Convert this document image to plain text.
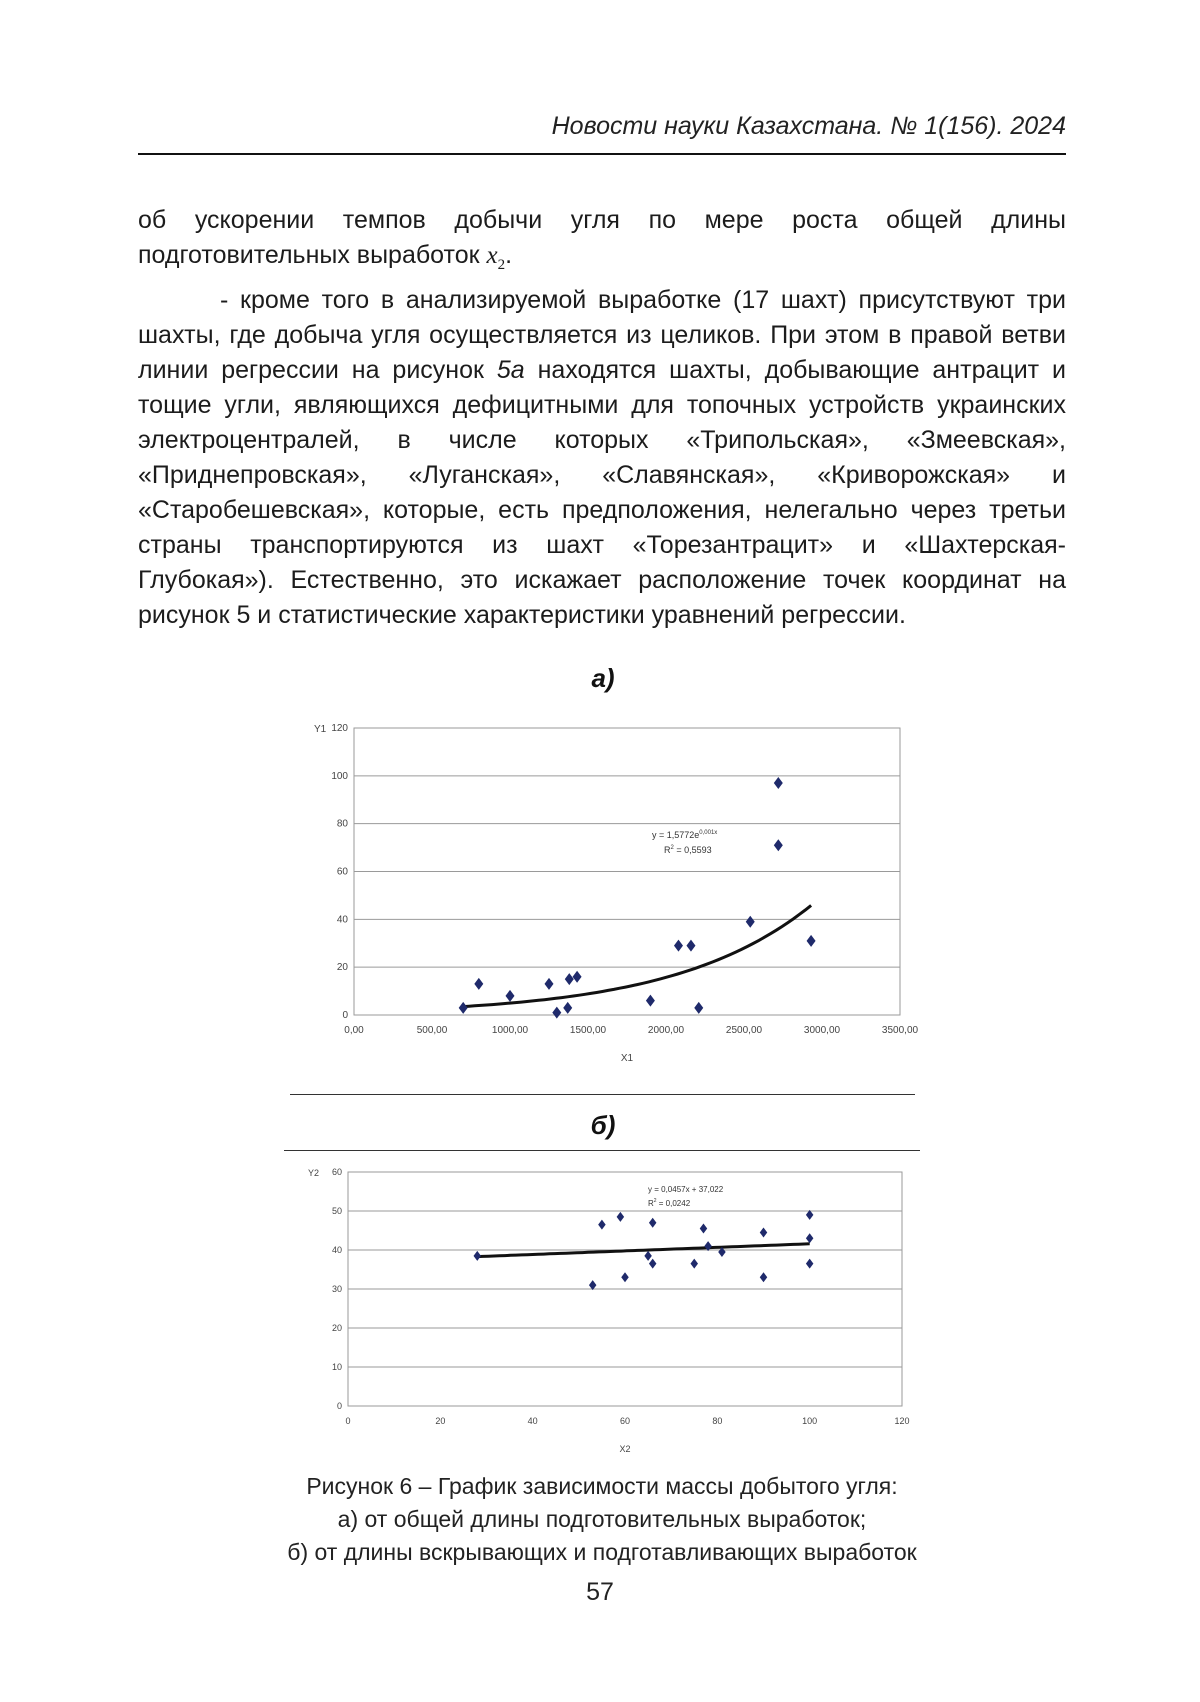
Новости науки Казахстана. № 1(156). 2024

об ускорении темпов добычи угля по мере роста общей длины подготовительных выработок $x_2$.

- кроме того в анализируемой выработке (17 шахт) присутствуют три шахты, где добыча угля осуществляется из целиков. При этом в правой ветви линии регрессии на рисунок 5а находятся шахты, добывающие антрацит и тощие угли, являющихся дефицитными для топочных устройств украинских электроцентралей, в числе которых «Трипольская», «Змеевская», «Приднепровская», «Луганская», «Славянская», «Криворожская» и «Старобешевская», которые, есть предположения, нелегально через третьи страны транспортируются из шахт «Торезантрацит» и «Шахтерская-Глубокая»). Естественно, это искажает расположение точек координат на рисунок 5 и статистические характеристики уравнений регрессии.

а)
0
20
40
60
80
100
120
0,00	500,00	1000,00	1500,00	2000,00	2500,00	3000,00	3500,00
X1
Y1
$y = 1,5772e^{0,001x}$
$R^2 = 0,5593$
б)
0
10
20
30
40
50
60
0	20	40	60	80	100	120
X2
Y2
y = 0,0457x + 37,022
$R^2 = 0,0242$
Рисунок 6 – График зависимости массы добытого угля:
а) от общей длины подготовительных выработок;
б) от длины вскрывающих и подготавливающих выработок
57
